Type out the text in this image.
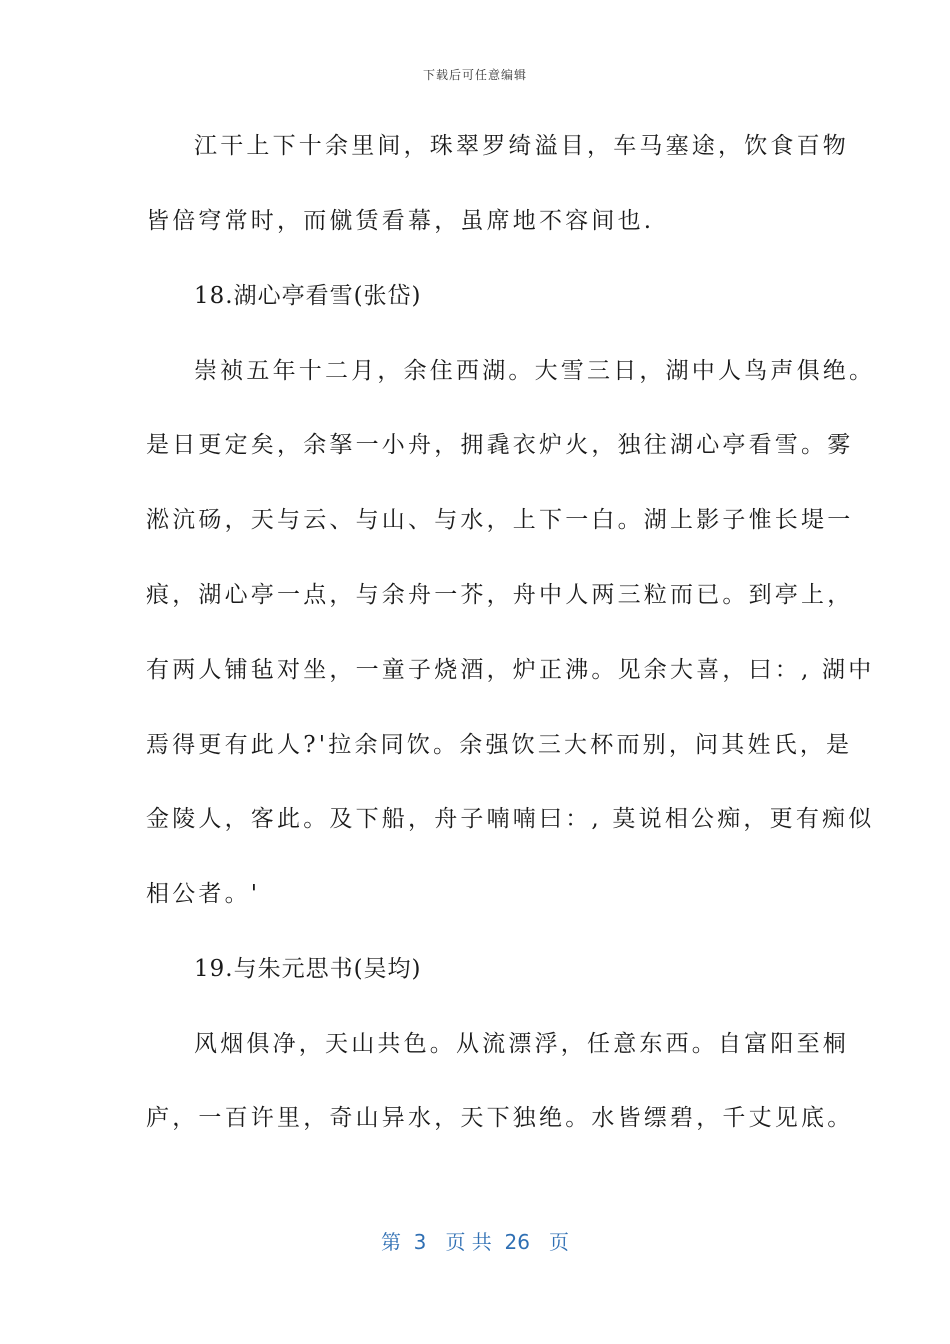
下载后可任意编辑
江干上下十余里间，珠翠罗绮溢目，车马塞途，饮食百物
皆倍穹常时，而僦赁看幕，虽席地不容间也.
18.湖心亭看雪(张岱)
崇祯五年十二月，余住西湖。大雪三日，湖中人鸟声俱绝。
是日更定矣，余拏一小舟，拥毳衣炉火，独往湖心亭看雪。雾
淞沆砀，天与云、与山、与水，上下一白。湖上影子惟长堤一
痕，湖心亭一点，与余舟一芥，舟中人两三粒而已。到亭上，
有两人铺毡对坐，一童子烧酒，炉正沸。见余大喜，曰：, 湖中
焉得更有此人?'拉余同饮。余强饮三大杯而别，问其姓氏，是
金陵人，客此。及下船，舟子喃喃曰：, 莫说相公痴，更有痴似
相公者。'
19.与朱元思书(吴均)
风烟俱净，天山共色。从流漂浮，任意东西。自富阳至桐
庐，一百许里，奇山异水，天下独绝。水皆缥碧，千丈见底。
第  3   页 共  26   页
